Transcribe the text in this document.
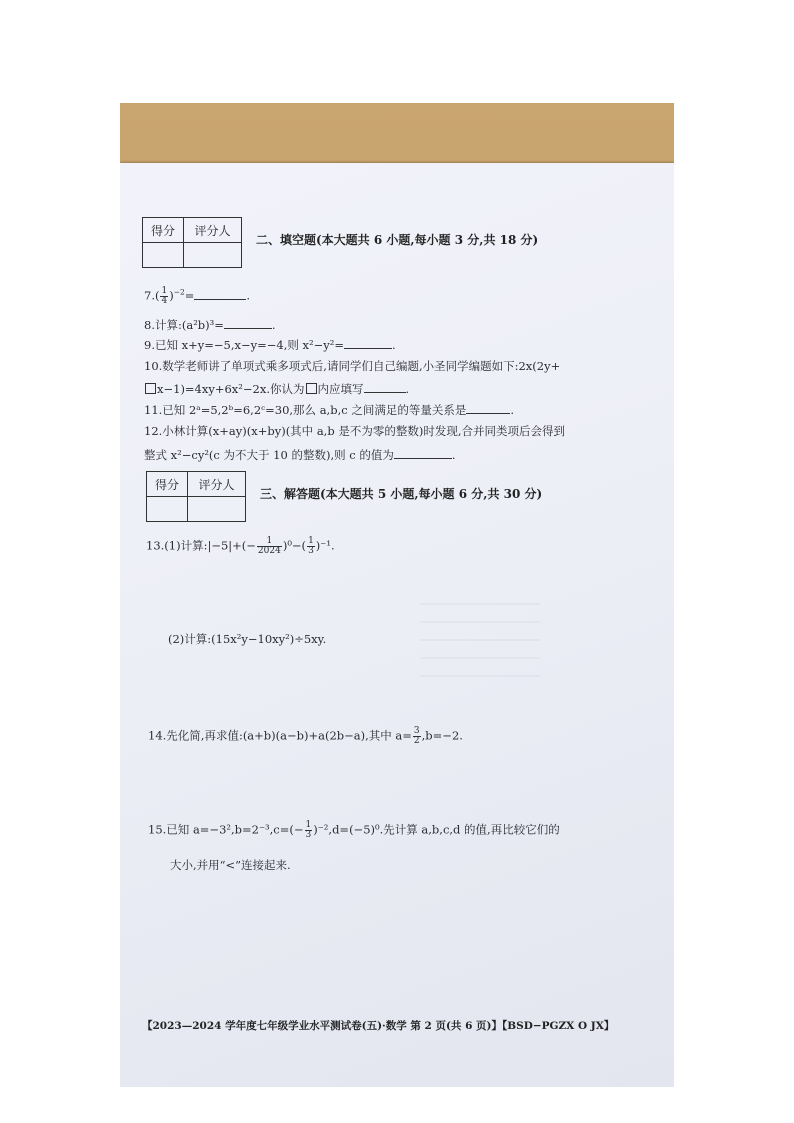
得分	评分人

二、填空题(本大题共 6 小题,每小题 3 分,共 18 分)
$7.( \frac{1}{4} )^{-2}=$	.
8.计算:(a²b)³=	.
9.已知 x+y=−5,x−y=−4,则 x²−y²=	.
10.数学老师讲了单项式乘多项式后,请同学们自己编题,小圣同学编题如下:2x(2y+
x−1)=4xy+6x²−2x.你认为 内应填写	.
11.已知 2ᵃ=5,2ᵇ=6,2ᶜ=30,那么 a,b,c 之间满足的等量关系是	.
12.小林计算(x+ay)(x+by)(其中 a,b 是不为零的整数)时发现,合并同类项后会得到
整式 x²−cy²(c 为不大于 10 的整数),则 c 的值为	.
得分	评分人

三、解答题(本大题共 5 小题,每小题 6 分,共 30 分)
13.(1)计算:|−5|+(− $\frac{1}{2024} )^0-( \frac{1}{3} )^{-1}$.
(2)计算:(15x²y−10xy²)÷5xy.
14.先化简,再求值:(a+b)(a−b)+a(2b−a),其中 $a= \frac{3}{2} ,b=-2$.
15.已知 $a=-3^2,b=2^{-3},c=(- \frac{1}{3} )^{-2},d=(-5)^0$.先计算 a,b,c,d 的值,再比较它们的
大小,并用“<”连接起来.
【2023—2024 学年度七年级学业水平测试卷(五)·数学 第 2 页(共 6 页)】【BSD−PGZX O JX】
